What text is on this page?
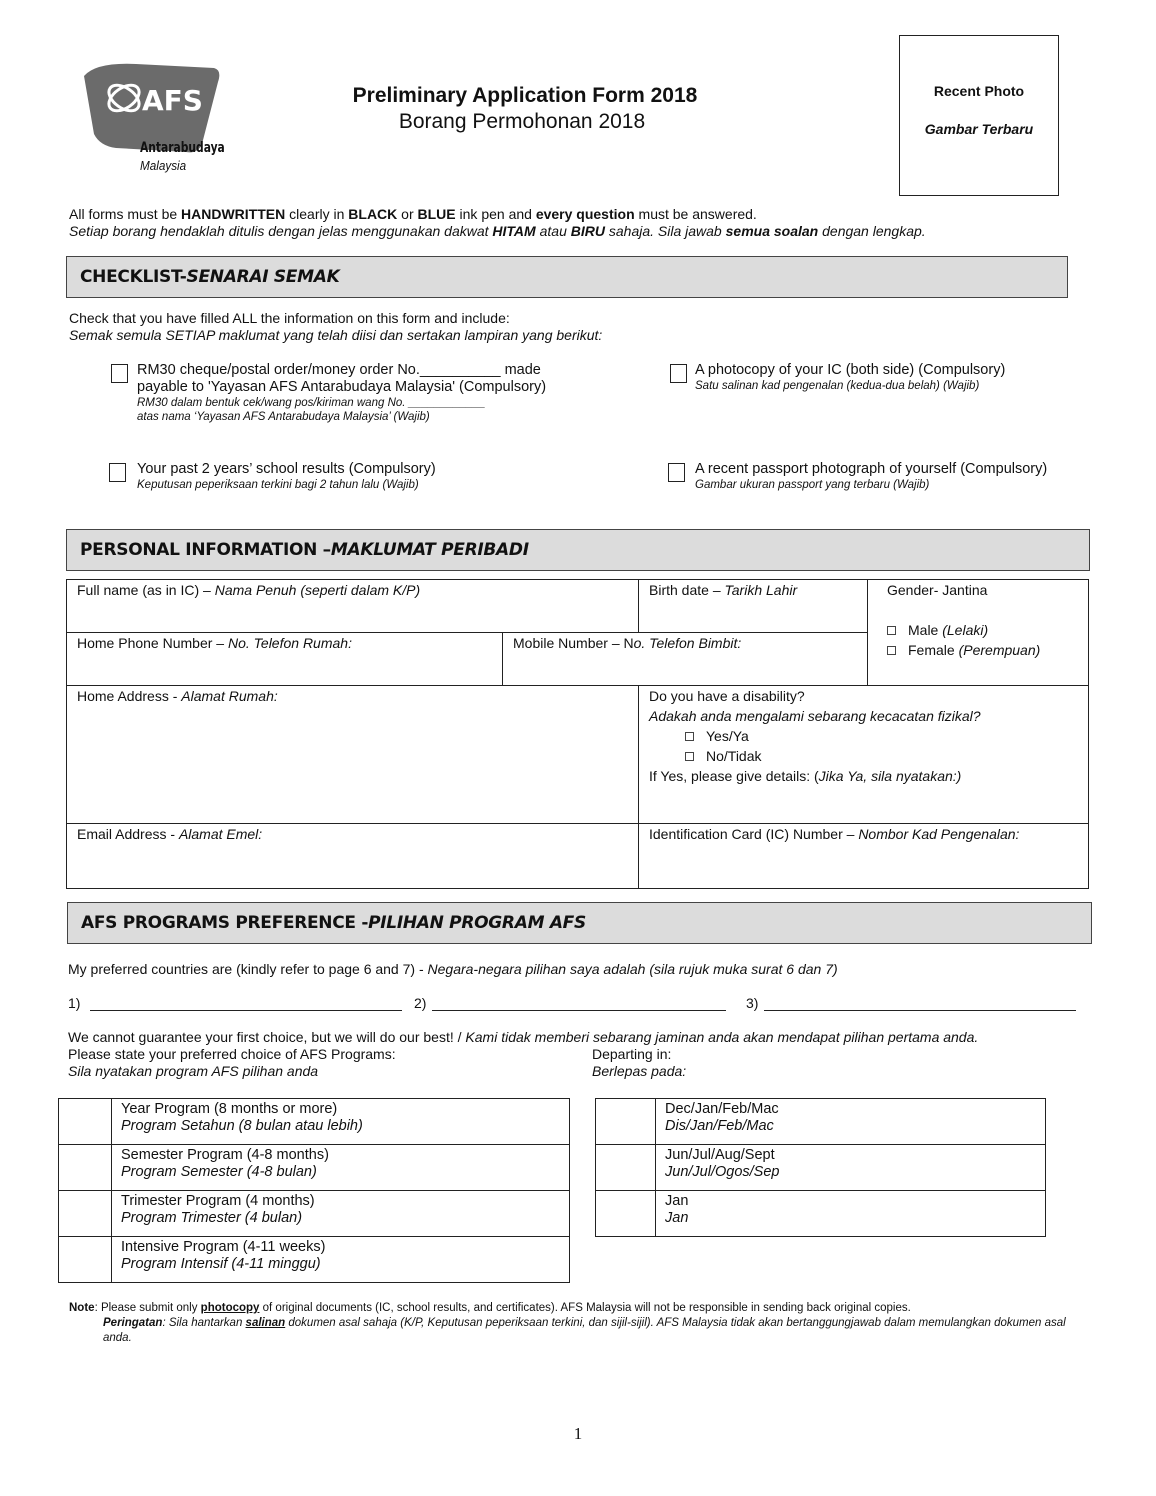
AFS
Antarabudaya
Malaysia
Preliminary Application Form 2018
Borang Permohonan 2018
Recent Photo
Gambar Terbaru
All forms must be HANDWRITTEN clearly in BLACK or BLUE ink pen and every question must be answered.
Setiap borang hendaklah ditulis dengan jelas menggunakan dakwat HITAM atau BIRU sahaja. Sila jawab semua soalan dengan lengkap.
CHECKLIST- SENARAI SEMAK
Check that you have filled ALL the information on this form and include:
Semak semula SETIAP maklumat yang telah diisi dan sertakan lampiran yang berikut:
RM30 cheque/postal order/money order No.__________ made
payable to 'Yayasan AFS Antarabudaya Malaysia' (Compulsory)
RM30 dalam bentuk cek/wang pos/kiriman wang No. ____________
atas nama ‘Yayasan AFS Antarabudaya Malaysia’ (Wajib)
A photocopy of your IC (both side) (Compulsory)
Satu salinan kad pengenalan (kedua-dua belah) (Wajib)
Your past 2 years’ school results (Compulsory)
Keputusan peperiksaan terkini bagi 2 tahun lalu (Wajib)
A recent passport photograph of yourself (Compulsory)
Gambar ukuran passport yang terbaru (Wajib)
PERSONAL INFORMATION – MAKLUMAT PERIBADI
Full name (as in IC) – Nama Penuh (seperti dalam K/P)	Birth date – Tarikh Lahir	Gender- Jantina
Male (Lelaki)
Female (Perempuan)
Home Phone Number – No. Telefon Rumah:	Mobile Number – No. Telefon Bimbit:
Home Address - Alamat Rumah:	Do you have a disability?
Adakah anda mengalami sebarang kecacatan fizikal?
Yes/Ya
No/Tidak
If Yes, please give details: (Jika Ya, sila nyatakan:)
Email Address - Alamat Emel:	Identification Card (IC) Number – Nombor Kad Pengenalan:
AFS PROGRAMS PREFERENCE - PILIHAN PROGRAM AFS
My preferred countries are (kindly refer to page 6 and 7) - Negara-negara pilihan saya adalah (sila rujuk muka surat 6 dan 7)
1)	2)	3)
We cannot guarantee your first choice, but we will do our best! / Kami tidak memberi sebarang jaminan anda akan mendapat pilihan pertama anda.
Please state your preferred choice of AFS Programs:
Sila nyatakan program AFS pilihan anda
Departing in:
Berlepas pada:
Year Program (8 months or more)
Program Setahun (8 bulan atau lebih)
Semester Program (4-8 months)
Program Semester (4-8 bulan)
Trimester Program (4 months)
Program Trimester (4 bulan)
Intensive Program (4-11 weeks)
Program Intensif (4-11 minggu)
Dec/Jan/Feb/Mac
Dis/Jan/Feb/Mac
Jun/Jul/Aug/Sept
Jun/Jul/Ogos/Sep
Jan
Jan
Note: Please submit only photocopy of original documents (IC, school results, and certificates). AFS Malaysia will not be responsible in sending back original copies.
Peringatan: Sila hantarkan salinan dokumen asal sahaja (K/P, Keputusan peperiksaan terkini, dan sijil-sijil). AFS Malaysia tidak akan bertanggungjawab dalam memulangkan dokumen asal anda.
1
